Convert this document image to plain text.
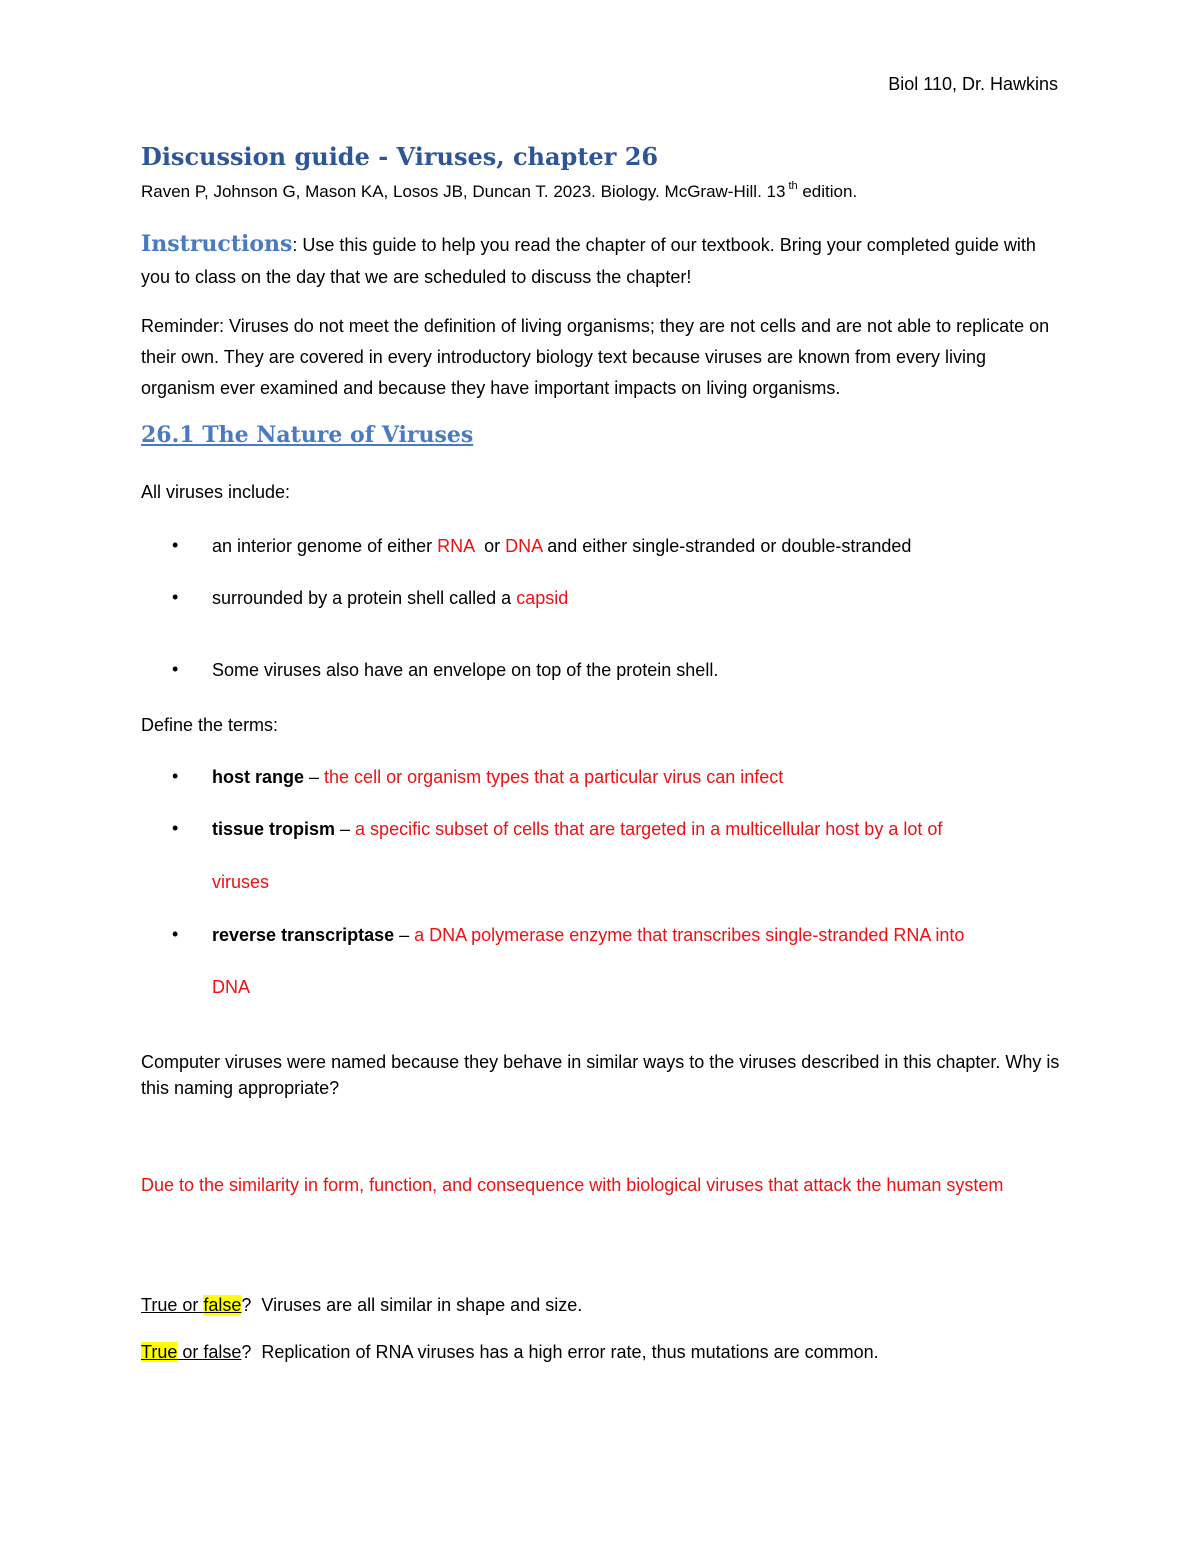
Biol 110, Dr. Hawkins
Discussion guide - Viruses, chapter 26
Raven P, Johnson G, Mason KA, Losos JB, Duncan T. 2023. Biology. McGraw-Hill. 13 $^{th}$ edition.
Instructions: Use this guide to help you read the chapter of our textbook. Bring your completed guide with you to class on the day that we are scheduled to discuss the chapter!
Reminder: Viruses do not meet the definition of living organisms; they are not cells and are not able to replicate on their own. They are covered in every introductory biology text because viruses are known from every living organism ever examined and because they have important impacts on living organisms.
26.1 The Nature of Viruses
All viruses include:
• an interior genome of either RNA  or DNA and either single-stranded or double-stranded
• surrounded by a protein shell called a capsid
• Some viruses also have an envelope on top of the protein shell.
Define the terms:
• host range – the cell or organism types that a particular virus can infect
• tissue tropism – a specific subset of cells that are targeted in a multicellular host by a lot of
viruses
• reverse transcriptase – a DNA polymerase enzyme that transcribes single-stranded RNA into
DNA
Computer viruses were named because they behave in similar ways to the viruses described in this chapter. Why is this naming appropriate?
Due to the similarity in form, function, and consequence with biological viruses that attack the human system
True or false?  Viruses are all similar in shape and size.
True or false?  Replication of RNA viruses has a high error rate, thus mutations are common.
